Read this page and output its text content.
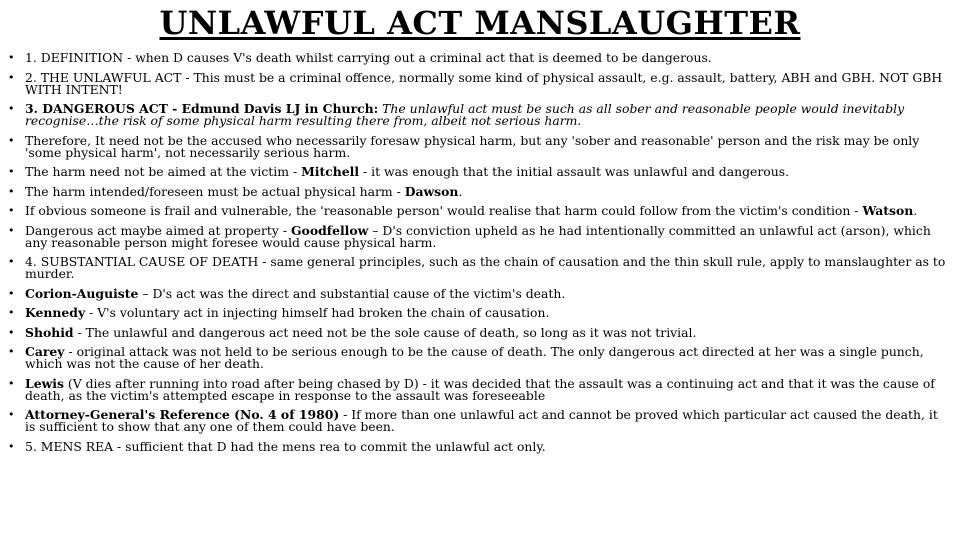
UNLAWFUL ACT MANSLAUGHTER
• 1. DEFINITION - when D causes V's death whilst carrying out a criminal act that is deemed to be dangerous.
• 2. THE UNLAWFUL ACT - This must be a criminal offence, normally some kind of physical assault, e.g. assault, battery, ABH and GBH. NOT GBH WITH INTENT!
• 3. DANGEROUS ACT - Edmund Davis LJ in Church: The unlawful act must be such as all sober and reasonable people would inevitably recognise…the risk of some physical harm resulting there from, albeit not serious harm.
• Therefore, It need not be the accused who necessarily foresaw physical harm, but any 'sober and reasonable' person and the risk may be only 'some physical harm', not necessarily serious harm.
• The harm need not be aimed at the victim - Mitchell - it was enough that the initial assault was unlawful and dangerous.
• The harm intended/foreseen must be actual physical harm - Dawson.
• If obvious someone is frail and vulnerable, the 'reasonable person' would realise that harm could follow from the victim's condition - Watson.
• Dangerous act maybe aimed at property - Goodfellow – D's conviction upheld as he had intentionally committed an unlawful act (arson), which any reasonable person might foresee would cause physical harm.
• 4. SUBSTANTIAL CAUSE OF DEATH - same general principles, such as the chain of causation and the thin skull rule, apply to manslaughter as to murder.
• Corion-Auguiste – D's act was the direct and substantial cause of the victim's death.
• Kennedy - V's voluntary act in injecting himself had broken the chain of causation.
• Shohid - The unlawful and dangerous act need not be the sole cause of death, so long as it was not trivial.
• Carey - original attack was not held to be serious enough to be the cause of death. The only dangerous act directed at her was a single punch, which was not the cause of her death.
• Lewis (V dies after running into road after being chased by D) - it was decided that the assault was a continuing act and that it was the cause of death, as the victim's attempted escape in response to the assault was foreseeable
• Attorney-General's Reference (No. 4 of 1980) - If more than one unlawful act and cannot be proved which particular act caused the death, it is sufficient to show that any one of them could have been.
• 5. MENS REA - sufficient that D had the mens rea to commit the unlawful act only.
